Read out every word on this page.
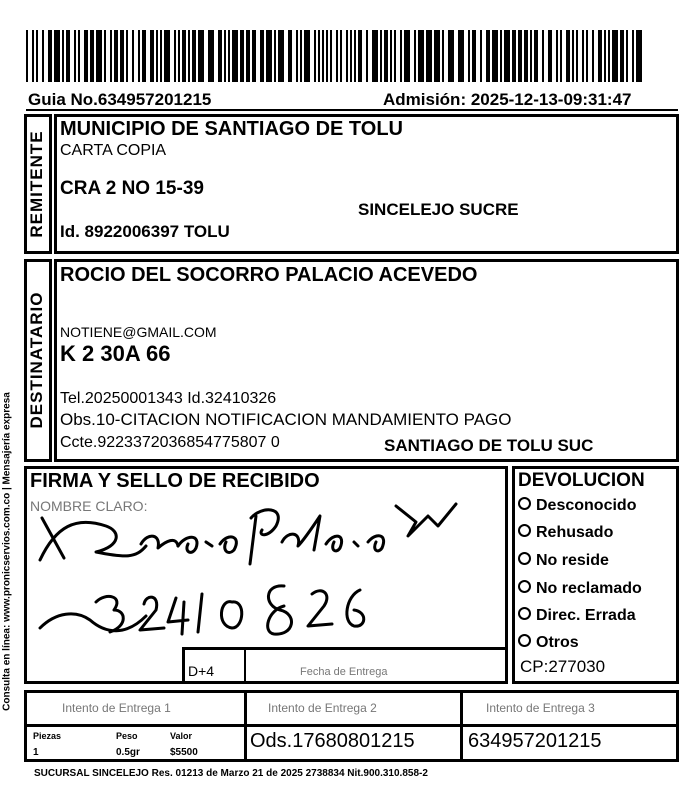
Guia No.634957201215	Admisión: 2025-12-13-09:31:47
REMITENTE
MUNICIPIO DE SANTIAGO DE TOLU
CARTA COPIA
CRA 2 NO 15-39
SINCELEJO SUCRE
Id. 8922006397 TOLU
DESTINATARIO
ROCIO DEL SOCORRO PALACIO ACEVEDO
NOTIENE@GMAIL.COM
K 2 30A 66
Tel.20250001343 Id.32410326
Obs.10-CITACION NOTIFICACION MANDAMIENTO PAGO
Ccte.9223372036854775807 0	SANTIAGO DE TOLU SUC
FIRMA Y SELLO DE RECIBIDO
NOMBRE CLARO:
D+4	Fecha de Entrega
DEVOLUCION
Desconocido
Rehusado
No reside
No reclamado
Direc. Errada
Otros
CP:277030
Intento de Entrega 1	Intento de Entrega 2	Intento de Entrega 3
Piezas	Peso	Valor
1	0.5gr	$5500
Ods.17680801215	634957201215
SUCURSAL SINCELEJO Res. 01213 de Marzo 21 de 2025 2738834 Nit.900.310.858-2
Consulta en línea: www.pronicservios.com.co | Mensajería expresa
